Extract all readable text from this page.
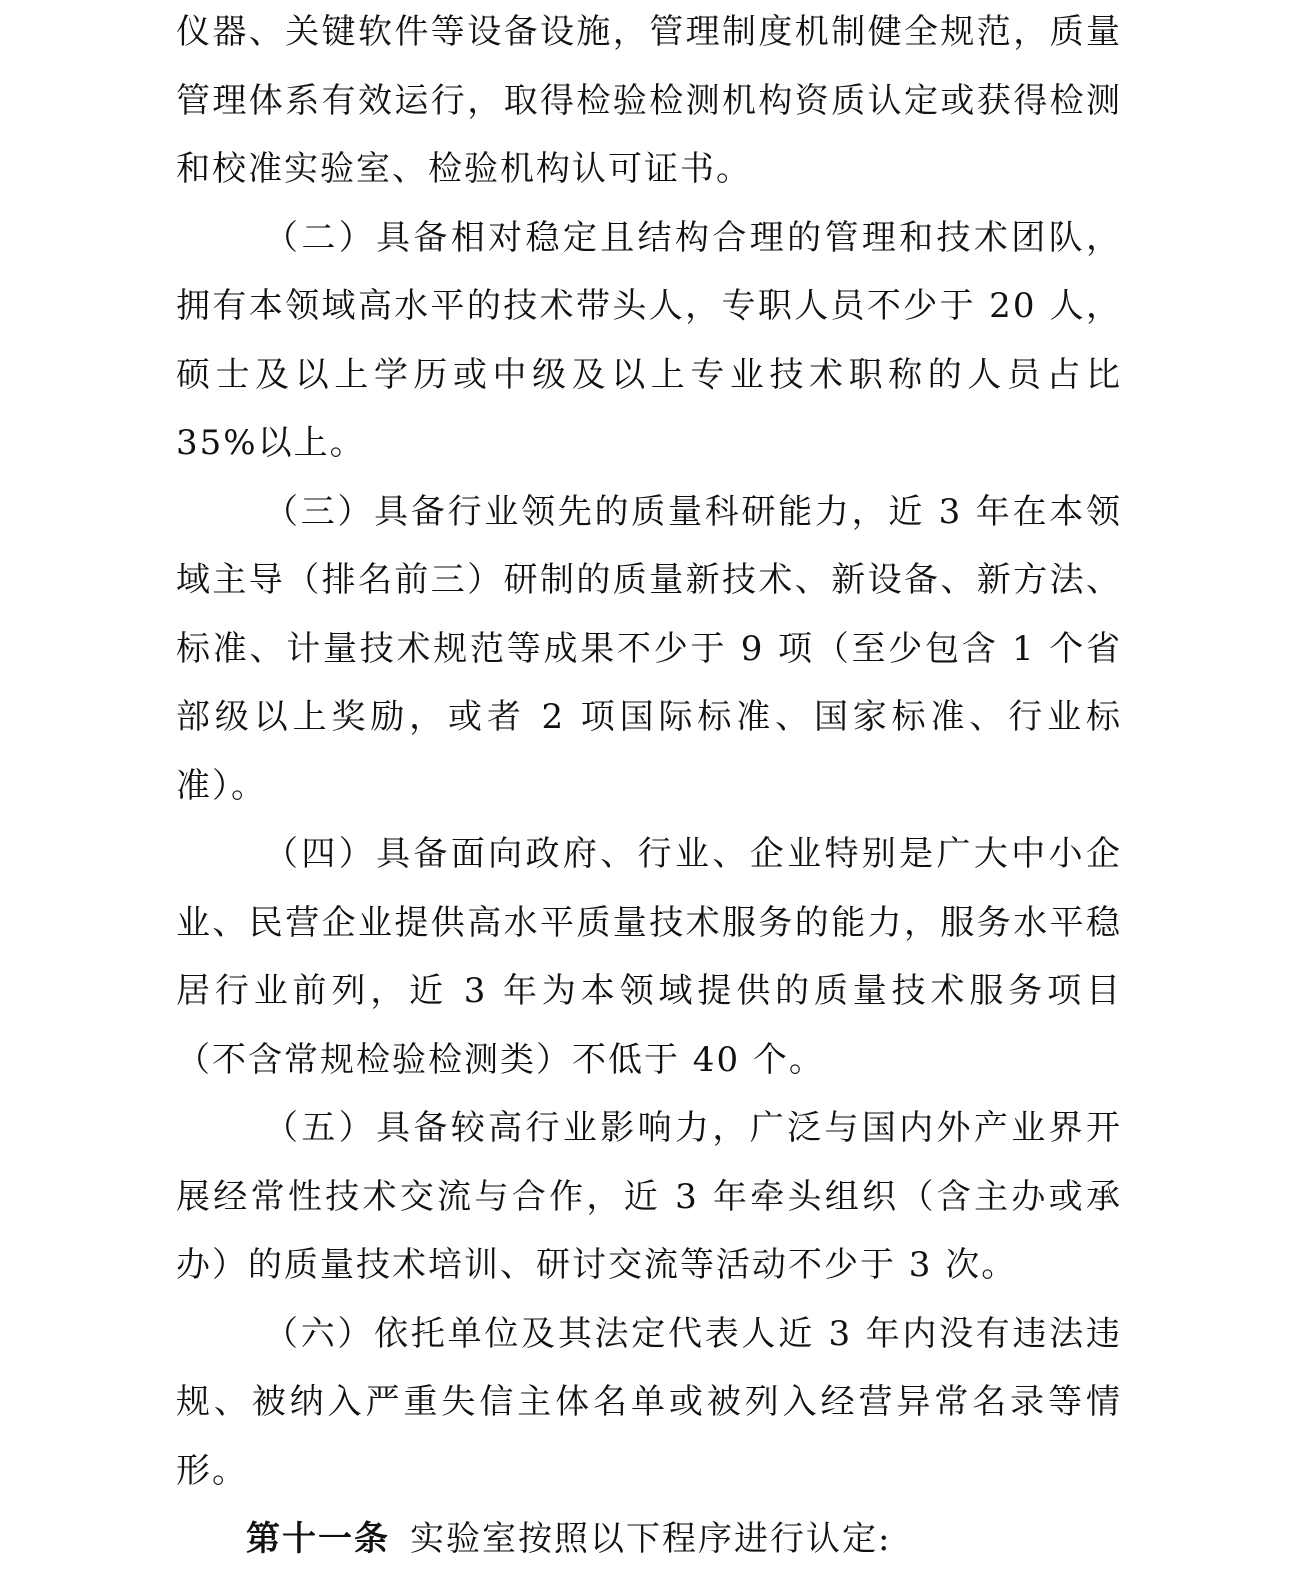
仪器、关键软件等设备设施，管理制度机制健全规范，质量管理体系有效运行，取得检验检测机构资质认定或获得检测和校准实验室、检验机构认可证书。

（二）具备相对稳定且结构合理的管理和技术团队，拥有本领域高水平的技术带头人，专职人员不少于 20 人，硕士及以上学历或中级及以上专业技术职称的人员占比 35%以上。

（三）具备行业领先的质量科研能力，近 3 年在本领域主导（排名前三）研制的质量新技术、新设备、新方法、标准、计量技术规范等成果不少于 9 项（至少包含 1 个省部级以上奖励，或者 2 项国际标准、国家标准、行业标准）。

（四）具备面向政府、行业、企业特别是广大中小企业、民营企业提供高水平质量技术服务的能力，服务水平稳居行业前列，近 3 年为本领域提供的质量技术服务项目（不含常规检验检测类）不低于 40 个。

（五）具备较高行业影响力，广泛与国内外产业界开展经常性技术交流与合作，近 3 年牵头组织（含主办或承办）的质量技术培训、研讨交流等活动不少于 3 次。

（六）依托单位及其法定代表人近 3 年内没有违法违规、被纳入严重失信主体名单或被列入经营异常名录等情形。

第十一条 实验室按照以下程序进行认定:
